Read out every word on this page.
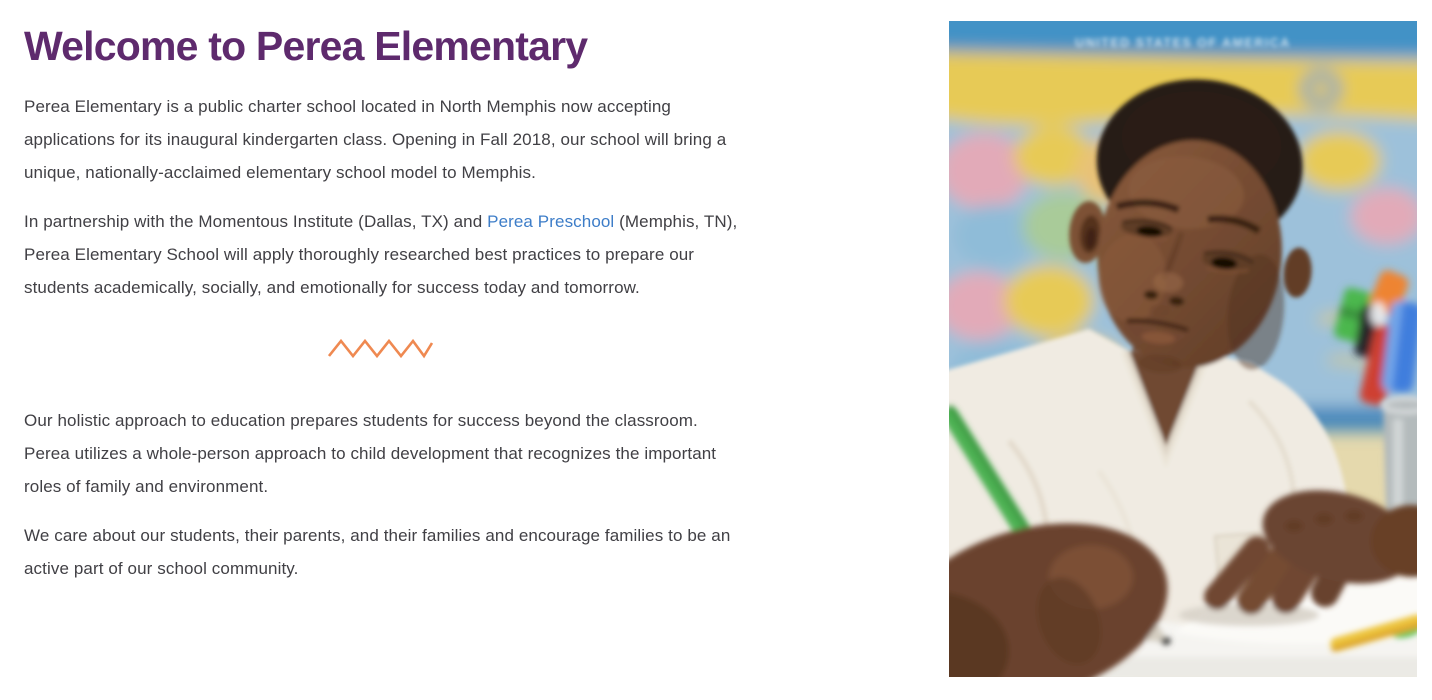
Welcome to Perea Elementary

Perea Elementary is a public charter school located in North Memphis now accepting applications for its inaugural kindergarten class. Opening in Fall 2018, our school will bring a unique, nationally-acclaimed elementary school model to Memphis.

In partnership with the Momentous Institute (Dallas, TX) and Perea Preschool (Memphis, TN), Perea Elementary School will apply thoroughly researched best practices to prepare our students academically, socially, and emotionally for success today and tomorrow.

Our holistic approach to education prepares students for success beyond the classroom. Perea utilizes a whole-person approach to child development that recognizes the important roles of family and environment.

We care about our students, their parents, and their families and encourage families to be an active part of our school community.

UNITED STATES OF AMERICA
